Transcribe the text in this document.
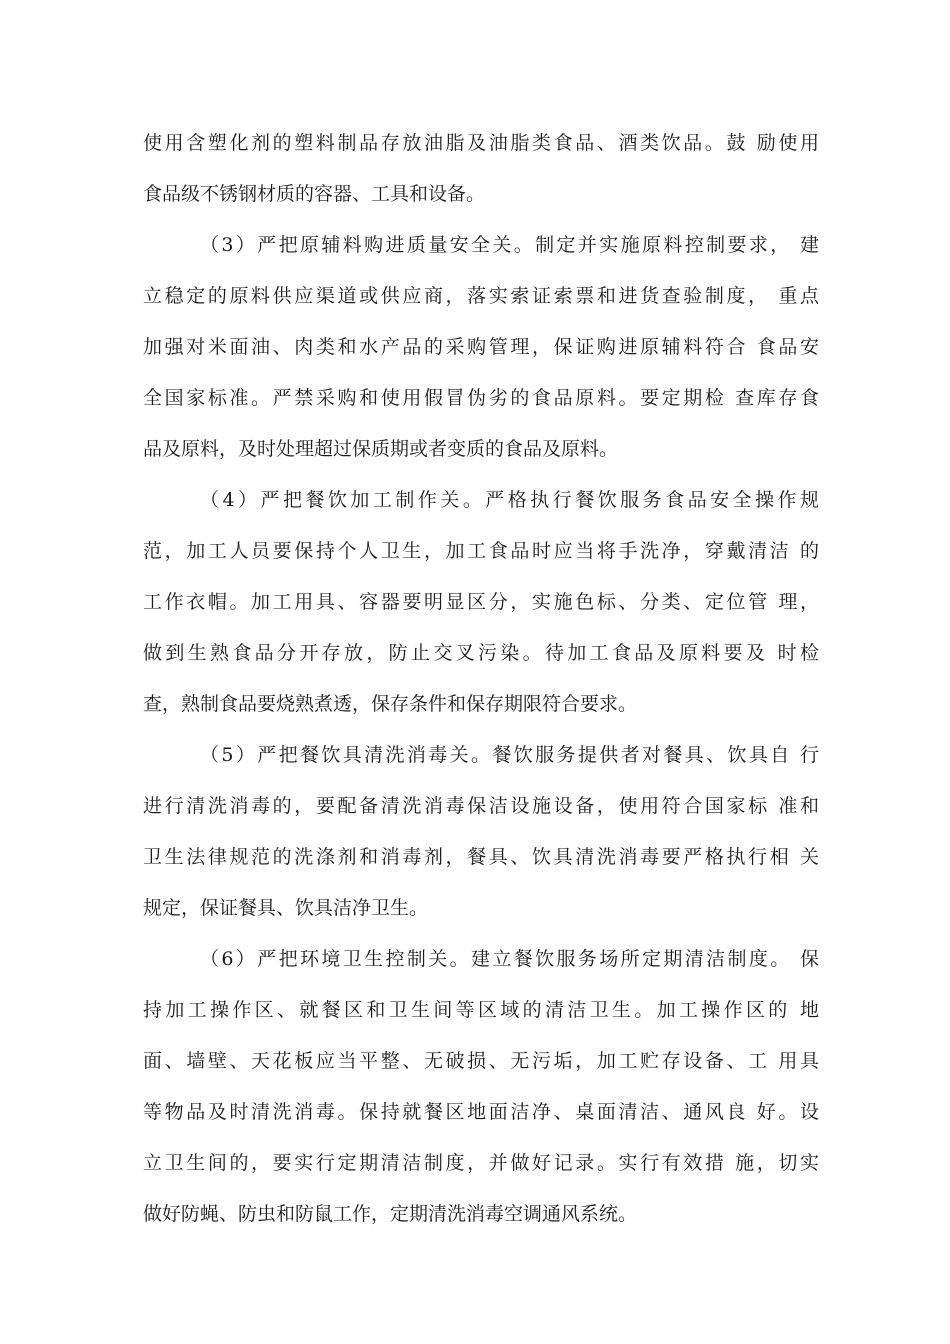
使用含塑化剂的塑料制品存放油脂及油脂类食品、酒类饮品。鼓 励使用
食品级不锈钢材质的容器、工具和设备。
（3）严把原辅料购进质量安全关。制定并实施原料控制要求， 建
立稳定的原料供应渠道或供应商，落实索证索票和进货查验制度， 重点
加强对米面油、肉类和水产品的采购管理，保证购进原辅料符合 食品安
全国家标准。严禁采购和使用假冒伪劣的食品原料。要定期检 查库存食
品及原料，及时处理超过保质期或者变质的食品及原料。
（4）严把餐饮加工制作关。严格执行餐饮服务食品安全操作规
范，加工人员要保持个人卫生，加工食品时应当将手洗净，穿戴清洁 的
工作衣帽。加工用具、容器要明显区分，实施色标、分类、定位管 理，
做到生熟食品分开存放，防止交叉污染。待加工食品及原料要及 时检
查，熟制食品要烧熟煮透，保存条件和保存期限符合要求。
（5）严把餐饮具清洗消毒关。餐饮服务提供者对餐具、饮具自 行
进行清洗消毒的，要配备清洗消毒保洁设施设备，使用符合国家标 准和
卫生法律规范的洗涤剂和消毒剂，餐具、饮具清洗消毒要严格执行相 关
规定，保证餐具、饮具洁净卫生。
（6）严把环境卫生控制关。建立餐饮服务场所定期清洁制度。 保
持加工操作区、就餐区和卫生间等区域的清洁卫生。加工操作区的 地
面、墙壁、天花板应当平整、无破损、无污垢，加工贮存设备、工 用具
等物品及时清洗消毒。保持就餐区地面洁净、桌面清洁、通风良 好。设
立卫生间的，要实行定期清洁制度，并做好记录。实行有效措 施，切实
做好防蝇、防虫和防鼠工作，定期清洗消毒空调通风系统。
